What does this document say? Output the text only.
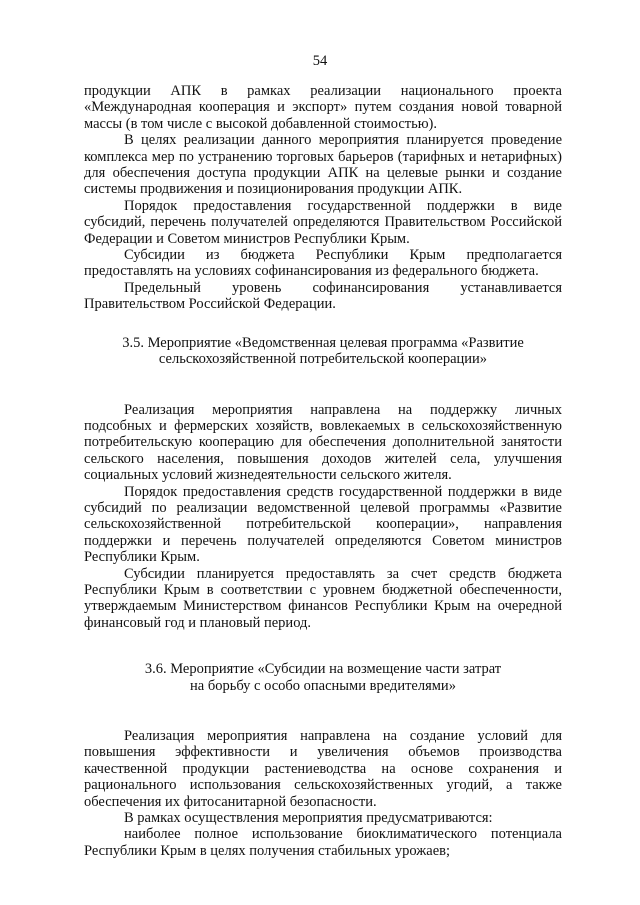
54

продукции АПК в рамках реализации национального проекта «Международная кооперация и экспорт» путем создания новой товарной массы (в том числе с высокой добавленной стоимостью).

В целях реализации данного мероприятия планируется проведение комплекса мер по устранению торговых барьеров (тарифных и нетарифных) для обеспечения доступа продукции АПК на целевые рынки и создание системы продвижения и позиционирования продукции АПК.

Порядок предоставления государственной поддержки в виде субсидий, перечень получателей определяются Правительством Российской Федерации и Советом министров Республики Крым.

Субсидии из бюджета Республики Крым предполагается предоставлять на условиях софинансирования из федерального бюджета.

Предельный уровень софинансирования устанавливается Правительством Российской Федерации.

3.5. Мероприятие «Ведомственная целевая программа «Развитие
сельскохозяйственной потребительской кооперации»

Реализация мероприятия направлена на поддержку личных подсобных и фермерских хозяйств, вовлекаемых в сельскохозяйственную потребительскую кооперацию для обеспечения дополнительной занятости сельского населения, повышения доходов жителей села, улучшения социальных условий жизнедеятельности сельского жителя.

Порядок предоставления средств государственной поддержки в виде субсидий по реализации ведомственной целевой программы «Развитие сельскохозяйственной потребительской кооперации», направления поддержки и перечень получателей определяются Советом министров Республики Крым.

Субсидии планируется предоставлять за счет средств бюджета Республики Крым в соответствии с уровнем бюджетной обеспеченности, утверждаемым Министерством финансов Республики Крым на очередной финансовый год и плановый период.

3.6. Мероприятие «Субсидии на возмещение части затрат
на борьбу с особо опасными вредителями»

Реализация мероприятия направлена на создание условий для повышения эффективности и увеличения объемов производства качественной продукции растениеводства на основе сохранения и рационального использования сельскохозяйственных угодий, а также обеспечения их фитосанитарной безопасности.

В рамках осуществления мероприятия предусматриваются:

наиболее полное использование биоклиматического потенциала Республики Крым в целях получения стабильных урожаев;
